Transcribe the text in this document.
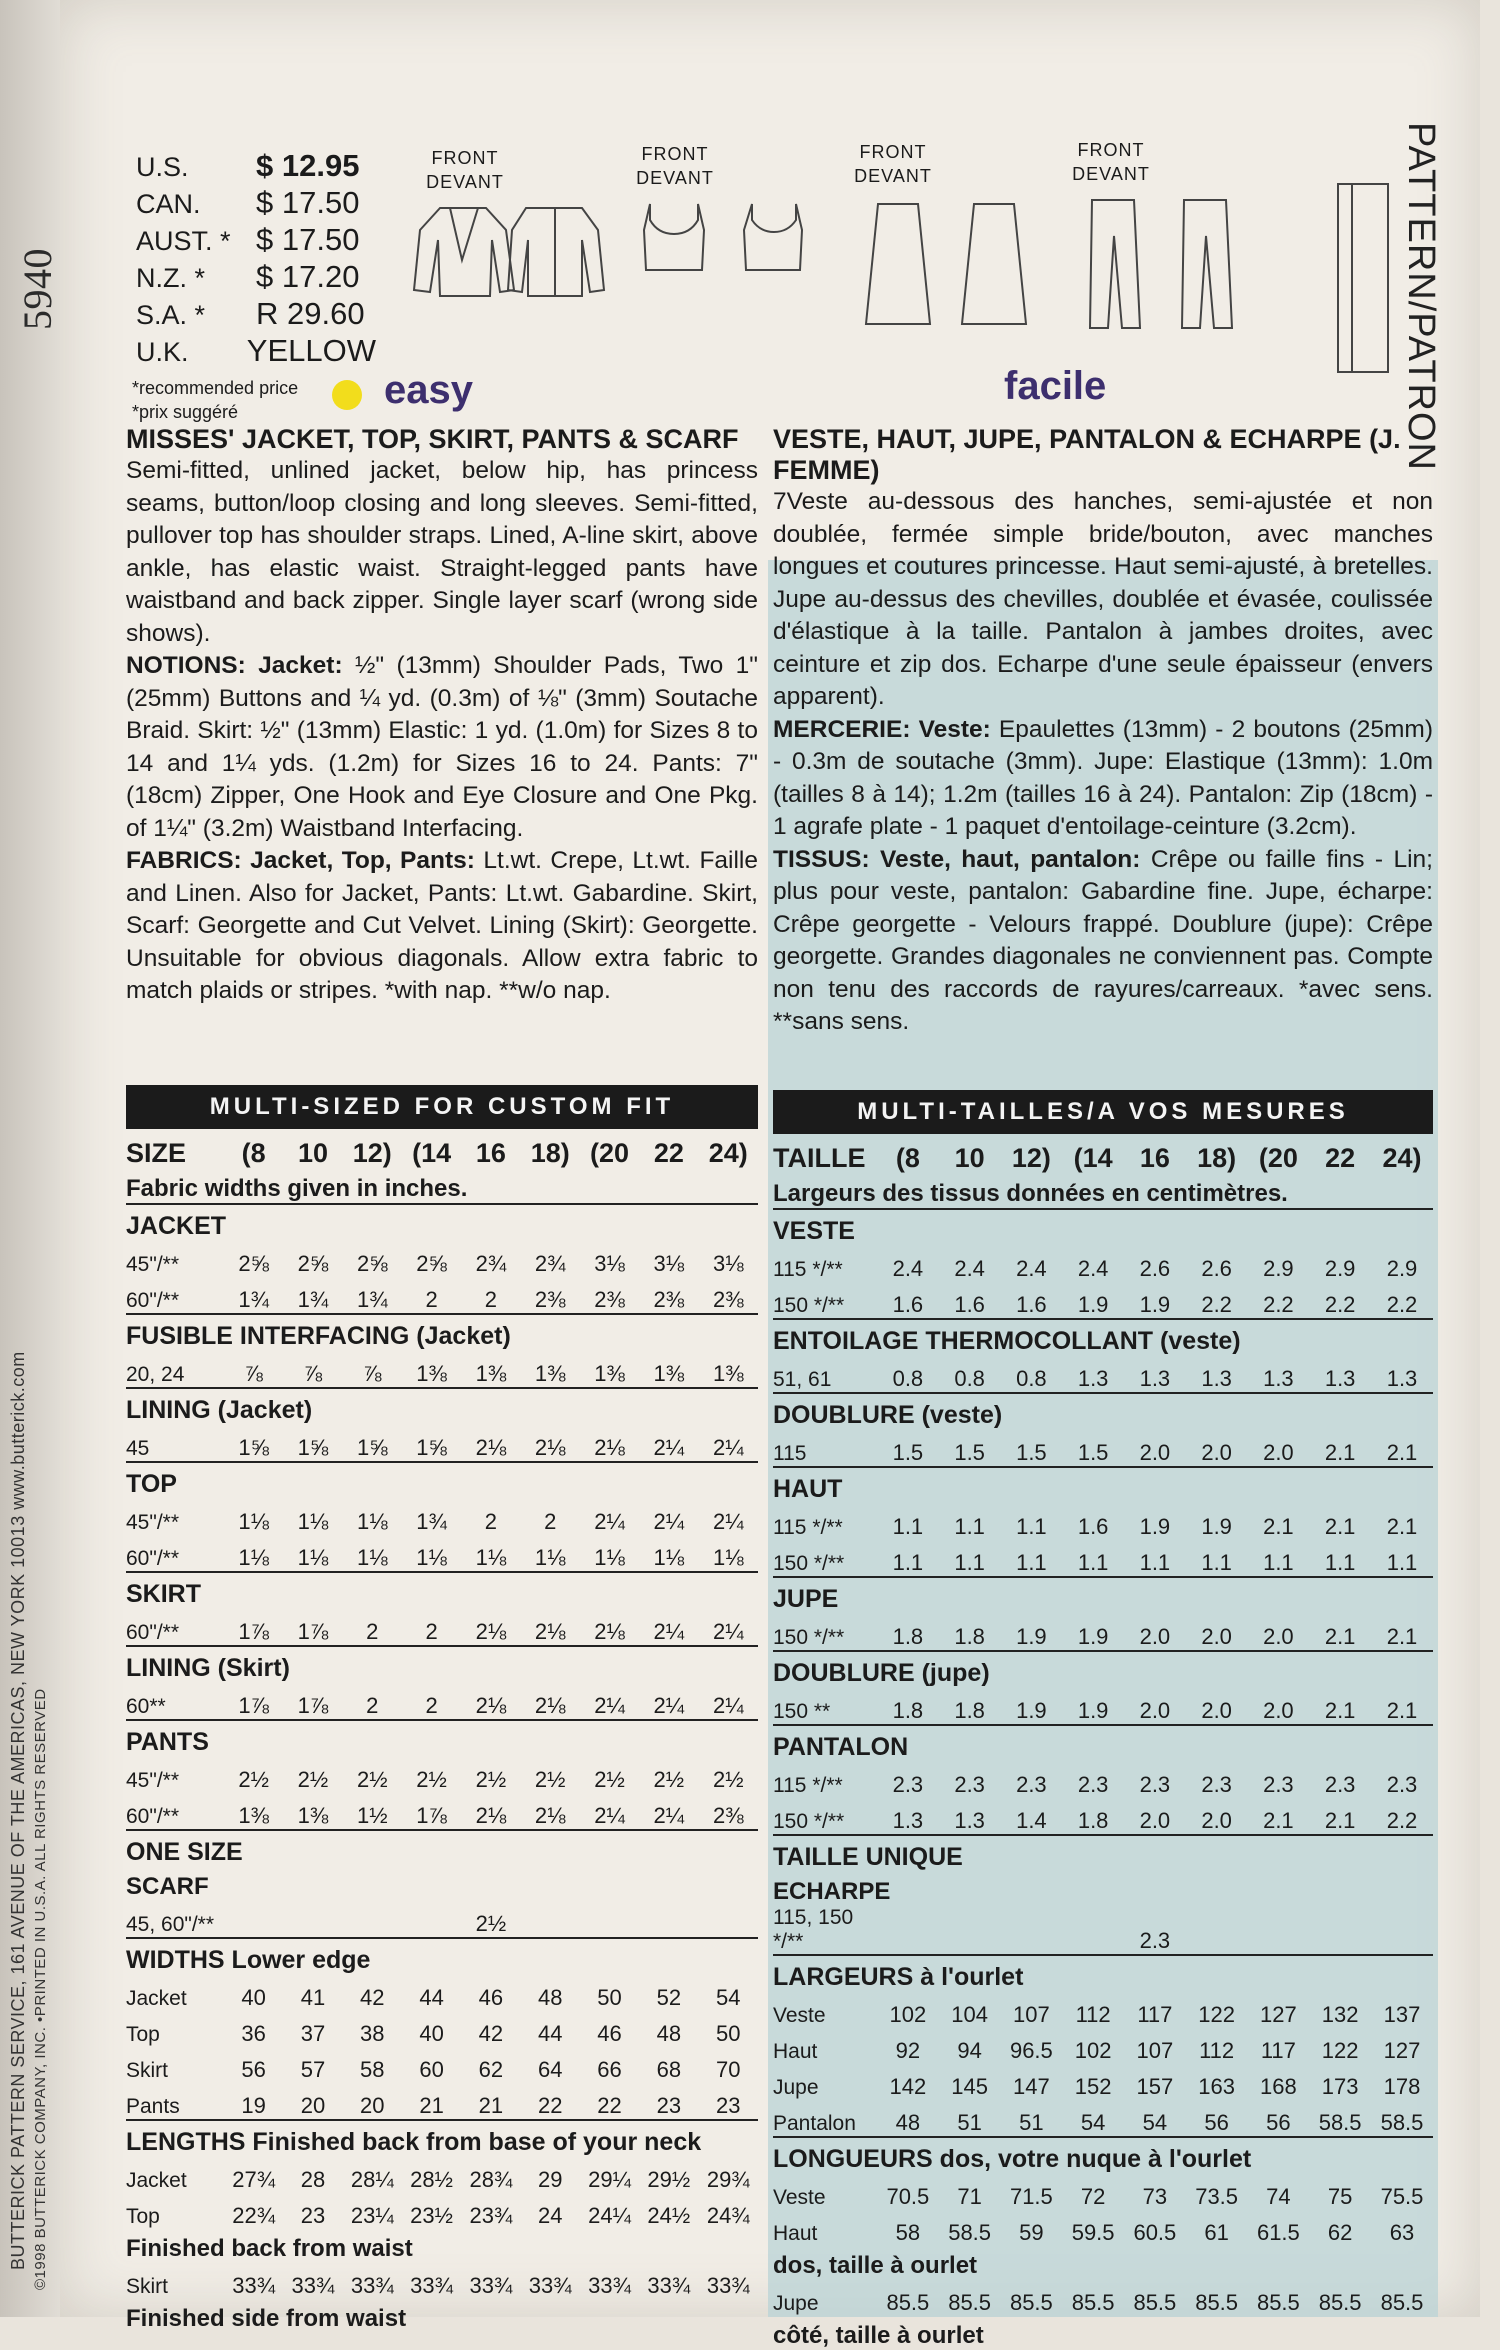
5940
BUTTERICK PATTERN SERVICE, 161 AVENUE OF THE AMERICAS, NEW YORK 10013 www.butterick.com ©1998 BUTTERICK COMPANY, INC. •PRINTED IN U.S.A. ALL RIGHTS RESERVED
PATTERN/PATRON
U.S.	$ 12.95
CAN.	$ 17.50
AUST. * $ 17.50
N.Z. *	$ 17.20
S.A. *	R 29.60
U.K.	YELLOW
*recommended price
*prix suggéré	easy	facile
FRONT
DEVANT
FRONT
DEVANT
FRONT
DEVANT
FRONT
DEVANT
MISSES' JACKET, TOP, SKIRT, PANTS & SCARF
Semi-fitted, unlined jacket, below hip, has princess seams, button/loop closing and long sleeves. Semi-fitted, pullover top has shoulder straps. Lined, A-line skirt, above ankle, has elastic waist. Straight-legged pants have waistband and back zipper. Single layer scarf (wrong side shows).
NOTIONS: Jacket: ½" (13mm) Shoulder Pads, Two 1" (25mm) Buttons and ¼ yd. (0.3m) of ⅛" (3mm) Soutache Braid. Skirt: ½" (13mm) Elastic: 1 yd. (1.0m) for Sizes 8 to 14 and 1¼ yds. (1.2m) for Sizes 16 to 24. Pants: 7" (18cm) Zipper, One Hook and Eye Closure and One Pkg. of 1¼" (3.2m) Waistband Interfacing.
FABRICS: Jacket, Top, Pants: Lt.wt. Crepe, Lt.wt. Faille and Linen. Also for Jacket, Pants: Lt.wt. Gabardine. Skirt, Scarf: Georgette and Cut Velvet. Lining (Skirt): Georgette. Unsuitable for obvious diagonals. Allow extra fabric to match plaids or stripes. *with nap. **w/o nap.
MULTI-SIZED FOR CUSTOM FIT
SIZE	(8	10	12)	(14	16	18)	(20	22	24)
Fabric widths given in inches.									
JACKET									
45"/**	2⅝	2⅝	2⅝	2⅝	2¾	2¾	3⅛	3⅛	3⅛
60"/**	1¾	1¾	1¾	2	2	2⅜	2⅜	2⅜	2⅜
FUSIBLE INTERFACING (Jacket)									
20, 24	⅞	⅞	⅞	1⅜	1⅜	1⅜	1⅜	1⅜	1⅜
LINING (Jacket)									
45	1⅝	1⅝	1⅝	1⅝	2⅛	2⅛	2⅛	2¼	2¼
TOP									
45"/**	1⅛	1⅛	1⅛	1¾	2	2	2¼	2¼	2¼
60"/**	1⅛	1⅛	1⅛	1⅛	1⅛	1⅛	1⅛	1⅛	1⅛
SKIRT									
60"/**	1⅞	1⅞	2	2	2⅛	2⅛	2⅛	2¼	2¼
LINING (Skirt)									
60**	1⅞	1⅞	2	2	2⅛	2⅛	2¼	2¼	2¼
PANTS									
45"/**	2½	2½	2½	2½	2½	2½	2½	2½	2½
60"/**	1⅜	1⅜	1½	1⅞	2⅛	2⅛	2¼	2¼	2⅜
ONE SIZE									
SCARF									
45, 60"/**					2½				
WIDTHS Lower edge									
Jacket	40	41	42	44	46	48	50	52	54
Top	36	37	38	40	42	44	46	48	50
Skirt	56	57	58	60	62	64	66	68	70
Pants	19	20	20	21	21	22	22	23	23
LENGTHS Finished back from base of your neck									
Jacket	27¾	28	28¼	28½	28¾	29	29¼	29½	29¾
Top	22¾	23	23¼	23½	23¾	24	24¼	24½	24¾
Finished back from waist									
Skirt	33¾	33¾	33¾	33¾	33¾	33¾	33¾	33¾	33¾
Finished side from waist									
VESTE, HAUT, JUPE, PANTALON & ECHARPE (J. FEMME)
7Veste au-dessous des hanches, semi-ajustée et non doublée, fermée simple bride/bouton, avec manches longues et coutures princesse. Haut semi-ajusté, à bretelles. Jupe au-dessus des chevilles, doublée et évasée, coulissée d'élastique à la taille. Pantalon à jambes droites, avec ceinture et zip dos. Echarpe d'une seule épaisseur (envers apparent).
MERCERIE: Veste: Epaulettes (13mm) - 2 boutons (25mm) - 0.3m de soutache (3mm). Jupe: Elastique (13mm): 1.0m (tailles 8 à 14); 1.2m (tailles 16 à 24). Pantalon: Zip (18cm) - 1 agrafe plate - 1 paquet d'entoilage-ceinture (3.2cm).
TISSUS: Veste, haut, pantalon: Crêpe ou faille fins - Lin; plus pour veste, pantalon: Gabardine fine. Jupe, écharpe: Crêpe georgette - Velours frappé. Doublure (jupe): Crêpe georgette. Grandes diagonales ne conviennent pas. Compte non tenu des raccords de rayures/carreaux. *avec sens. **sans sens.
MULTI-TAILLES/A VOS MESURES
TAILLE	(8	10	12)	(14	16	18)	(20	22	24)
Largeurs des tissus données en centimètres.									
VESTE									
115 */**	2.4	2.4	2.4	2.4	2.6	2.6	2.9	2.9	2.9
150 */**	1.6	1.6	1.6	1.9	1.9	2.2	2.2	2.2	2.2
ENTOILAGE THERMOCOLLANT (veste)									
51, 61	0.8	0.8	0.8	1.3	1.3	1.3	1.3	1.3	1.3
DOUBLURE (veste)									
115	1.5	1.5	1.5	1.5	2.0	2.0	2.0	2.1	2.1
HAUT									
115 */**	1.1	1.1	1.1	1.6	1.9	1.9	2.1	2.1	2.1
150 */**	1.1	1.1	1.1	1.1	1.1	1.1	1.1	1.1	1.1
JUPE									
150 */**	1.8	1.8	1.9	1.9	2.0	2.0	2.0	2.1	2.1
DOUBLURE (jupe)									
150 **	1.8	1.8	1.9	1.9	2.0	2.0	2.0	2.1	2.1
PANTALON									
115 */**	2.3	2.3	2.3	2.3	2.3	2.3	2.3	2.3	2.3
150 */**	1.3	1.3	1.4	1.8	2.0	2.0	2.1	2.1	2.2
TAILLE UNIQUE									
ECHARPE									
115, 150 */**					2.3				
LARGEURS à l'ourlet									
Veste	102	104	107	112	117	122	127	132	137
Haut	92	94	96.5	102	107	112	117	122	127
Jupe	142	145	147	152	157	163	168	173	178
Pantalon	48	51	51	54	54	56	56	58.5	58.5
LONGUEURS dos, votre nuque à l'ourlet									
Veste	70.5	71	71.5	72	73	73.5	74	75	75.5
Haut	58	58.5	59	59.5	60.5	61	61.5	62	63
dos, taille à ourlet									
Jupe	85.5	85.5	85.5	85.5	85.5	85.5	85.5	85.5	85.5
côté, taille à ourlet									
